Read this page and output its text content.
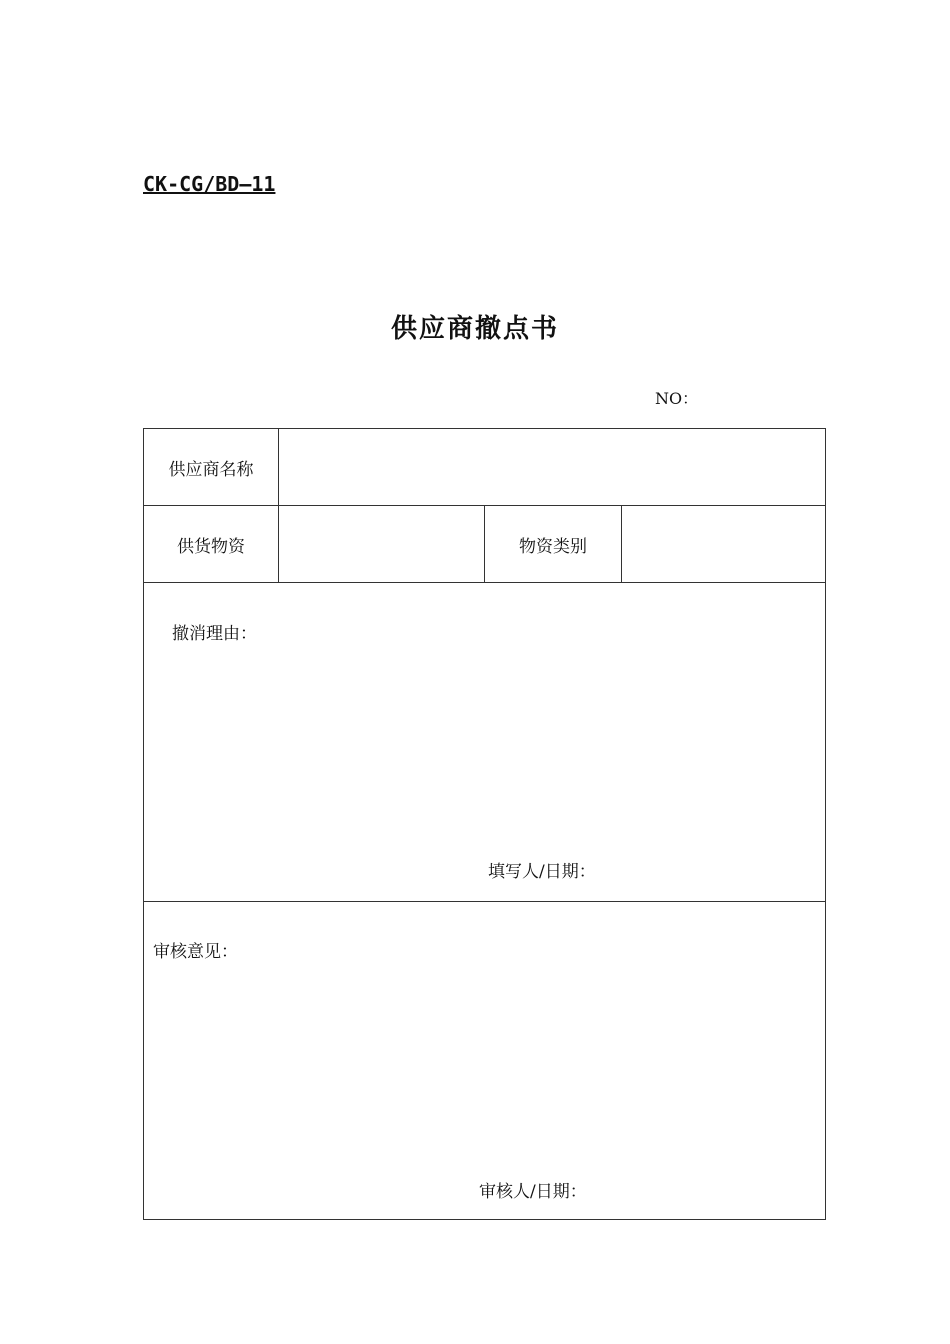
CK-CG/BD—11
供应商撤点书
NO：
供应商名称			
供货物资		物资类别	

撤消理由：
填写人/日期：			

审核意见：
审核人/日期：			
